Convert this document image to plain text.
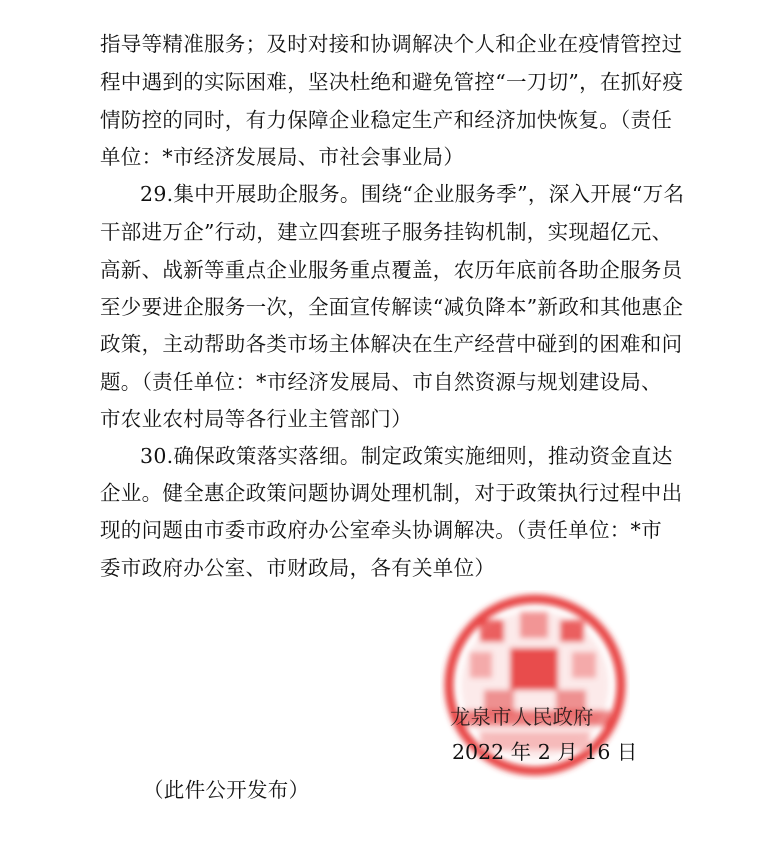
指导等精准服务；及时对接和协调解决个人和企业在疫情管控过
程中遇到的实际困难，坚决杜绝和避免管控“一刀切”，在抓好疫
情防控的同时，有力保障企业稳定生产和经济加快恢复。（责任
单位：*市经济发展局、市社会事业局）
29.集中开展助企服务。围绕“企业服务季”，深入开展“万名
干部进万企”行动，建立四套班子服务挂钩机制，实现超亿元、
高新、战新等重点企业服务重点覆盖，农历年底前各助企服务员
至少要进企服务一次，全面宣传解读“减负降本”新政和其他惠企
政策，主动帮助各类市场主体解决在生产经营中碰到的困难和问
题。（责任单位：*市经济发展局、市自然资源与规划建设局、
市农业农村局等各行业主管部门）
30.确保政策落实落细。制定政策实施细则，推动资金直达
企业。健全惠企政策问题协调处理机制，对于政策执行过程中出
现的问题由市委市政府办公室牵头协调解决。（责任单位：*市
委市政府办公室、市财政局，各有关单位）
龙泉市人民政府
2022 年 2 月 16 日
（此件公开发布）
